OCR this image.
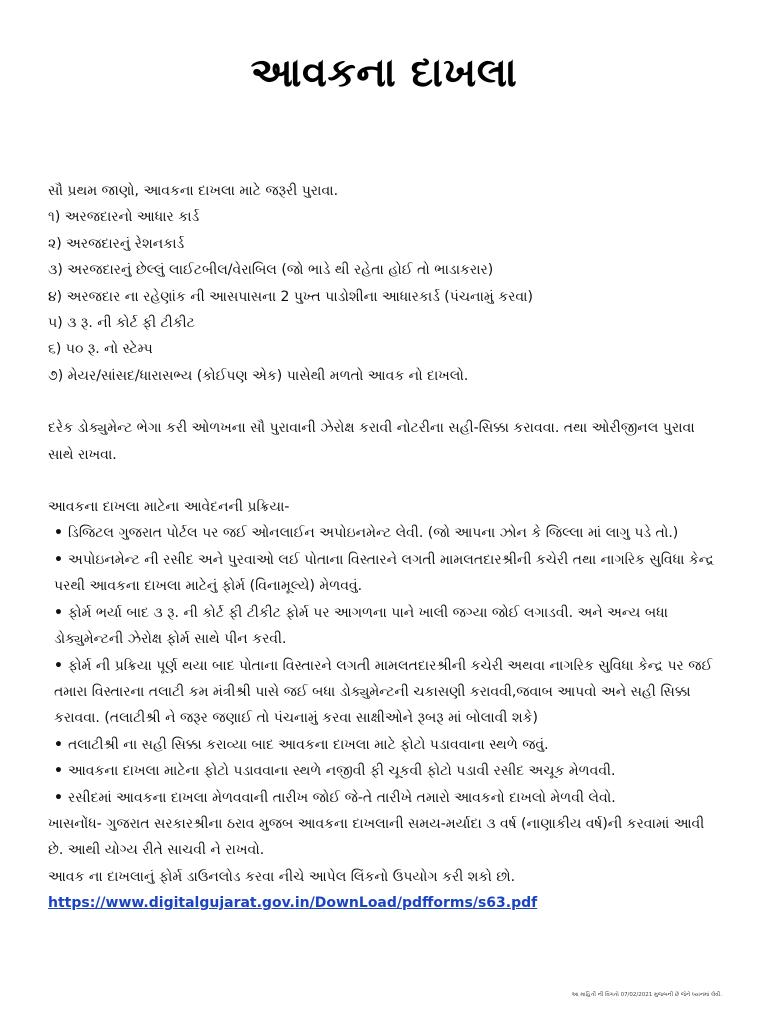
આવકના દાખલા

સૌ પ્રથમ જાણો, આવકના દાખલા માટે જરૂરી પુરાવા.

૧) અરજદારનો આધાર કાર્ડ

૨) અરજદારનું રેશનકાર્ડ

૩) અરજદારનું છેલ્લું લાઈટબીલ/વેરાબિલ (જો ભાડે થી રહેતા હોઈ તો ભાડાકરાર)

૪) અરજદાર ના રહેણાંક ની આસપાસના 2 પુખ્ત પાડોશીના આધારકાર્ડ (પંચનામું કરવા)

૫) ૩ રૂ. ની કોર્ટ ફી ટીકીટ

૬) ૫૦ રૂ. નો સ્ટેમ્પ

૭) મેયર/સાંસદ/ધારાસભ્ય (કોઈપણ એક) પાસેથી મળતો આવક નો દાખલો.

દરેક ડોક્યુમેન્ટ ભેગા કરી ઓળખના સૌ પુરાવાની ઝેરોક્ષ કરાવી નોટરીના સહી-સિક્કા કરાવવા. તથા ઓરીજીનલ પુરાવા સાથે રાખવા.

આવકના દાખલા માટેના આવેદનની પ્રક્રિયા-

• ડિજિટલ ગુજરાત પોર્ટલ પર જઈ ઓનલાઈન અપોઇનમેન્ટ લેવી. (જો આપના ઝોન કે જિલ્લા માં લાગુ પડે તો.)

• અપોઇનમેન્ટ ની રસીદ અને પુરવાઓ લઈ પોતાના વિસ્તારને લગતી મામલતદારશ્રીની કચેરી તથા નાગરિક સુવિધા કેન્દ્ર પરથી આવકના દાખલા માટેનું ફોર્મ (વિનામૂલ્યે) મેળવવું.

• ફોર્મ ભર્યા બાદ ૩ રૂ. ની કોર્ટ ફી ટીકીટ ફોર્મ પર આગળના પાને ખાલી જગ્યા જોઈ લગાડવી. અને અન્ય બધા ડોક્યુમેન્ટની ઝેરોક્ષ ફોર્મ સાથે પીન કરવી.

• ફોર્મ ની પ્રક્રિયા પૂર્ણ થયા બાદ પોતાના વિસ્તારને લગતી મામલતદારશ્રીની કચેરી અથવા નાગરિક સુવિધા કેન્દ્ર પર જઈ તમારા વિસ્તારના તલાટી કમ મંત્રીશ્રી પાસે જઈ બધા ડોક્યુમેન્ટની ચકાસણી કરાવવી,જવાબ આપવો અને સહી સિક્કા કરાવવા. (તલાટીશ્રી ને જરૂર જણાઈ તો પંચનામું કરવા સાક્ષીઓને રૂબરૂ માં બોલાવી શકે)

• તલાટીશ્રી ના સહી સિક્કા કરાવ્યા બાદ આવકના દાખલા માટે ફોટો પડાવવાના સ્થળે જવું.

• આવકના દાખલા માટેના ફોટો પડાવવાના સ્થળે નજીવી ફી ચૂકવી ફોટો પડાવી રસીદ અચૂક મેળવવી.

• રસીદમાં આવકના દાખલા મેળવવાની તારીખ જોઈ જે-તે તારીખે તમારો આવકનો દાખલો મેળવી લેવો.

ખાસનોંધ- ગુજરાત સરકારશ્રીના ઠરાવ મુજબ આવકના દાખલાની સમય-મર્યાદા ૩ વર્ષ (નાણાકીય વર્ષ)ની કરવામાં આવી છે. આથી યોગ્ય રીતે સાચવી ને રાખવો.

આવક ના દાખલાનું ફોર્મ ડાઉનલોડ કરવા નીચે આપેલ લિંકનો ઉપયોગ કરી શકો છો.

https://www.digitalgujarat.gov.in/DownLoad/pdfforms/s63.pdf

આ માહિતી ની વિગતો 07/02/2021 મુજબની છે જેને ધ્યાનમાં લેવી.
